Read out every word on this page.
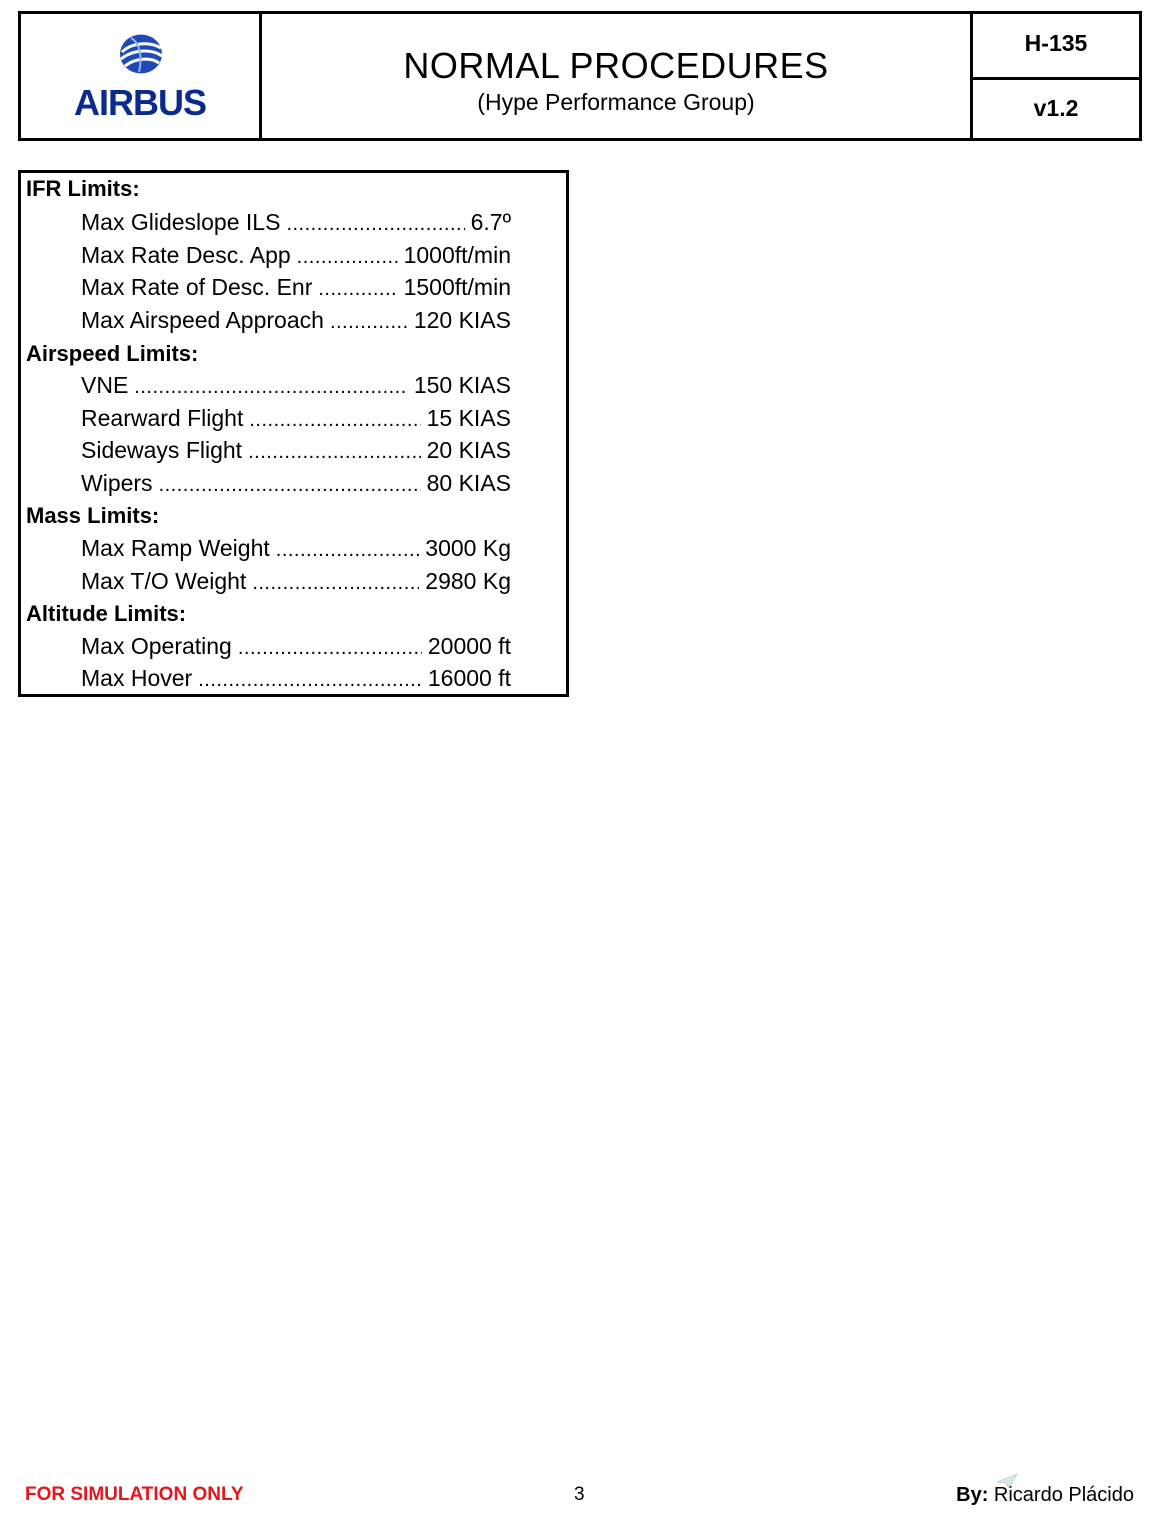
AIRBUS
NORMAL PROCEDURES
(Hype Performance Group)
H-135
v1.2
IFR Limits:
Max Glideslope ILS .....	6.7º
Max Rate Desc. App .....	1000ft/min
Max Rate of Desc. Enr .....	1500ft/min
Max Airspeed Approach .....	120 KIAS
Airspeed Limits:
VNE .....	150 KIAS
Rearward Flight .....	15 KIAS
Sideways Flight .....	20 KIAS
Wipers .....	80 KIAS
Mass Limits:
Max Ramp Weight .....	3000 Kg
Max T/O Weight .....	2980 Kg
Altitude Limits:
Max Operating .....	20000 ft
Max Hover .....	16000 ft
FOR SIMULATION ONLY	3	By: Ricardo Plácido
